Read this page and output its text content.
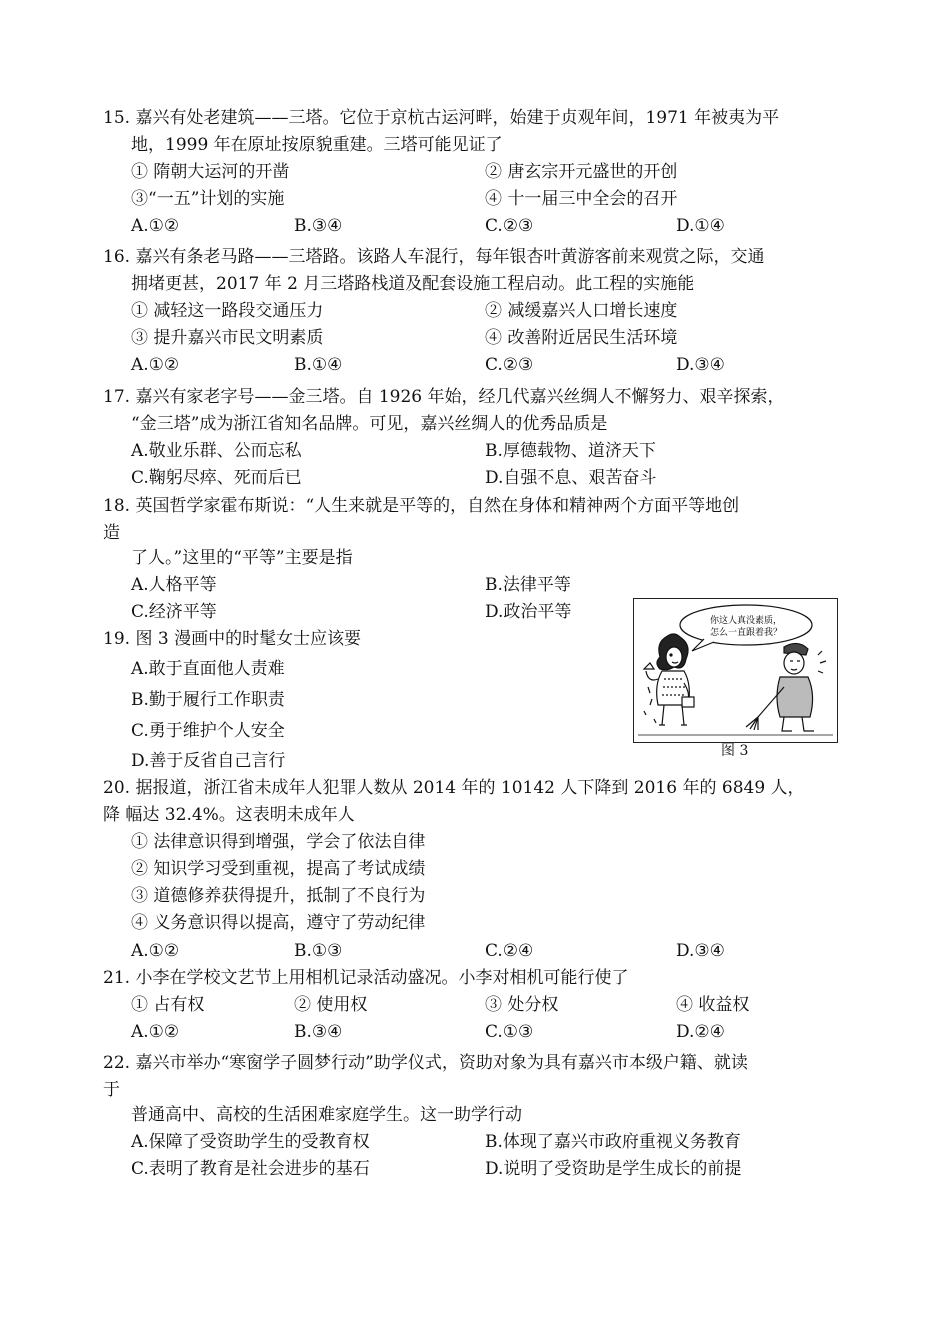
15. 嘉兴有处老建筑——三塔。它位于京杭古运河畔，始建于贞观年间，1971 年被夷为平
地，1999 年在原址按原貌重建。三塔可能见证了
① 隋朝大运河的开凿	② 唐玄宗开元盛世的开创
③“一五”计划的实施	④ 十一届三中全会的召开
A.①②	B.③④	C.②③	D.①④
16. 嘉兴有条老马路——三塔路。该路人车混行，每年银杏叶黄游客前来观赏之际，交通
拥堵更甚，2017 年 2 月三塔路栈道及配套设施工程启动。此工程的实施能
① 减轻这一路段交通压力	② 减缓嘉兴人口增长速度
③ 提升嘉兴市民文明素质	④ 改善附近居民生活环境
A.①②	B.①④	C.②③	D.③④
17. 嘉兴有家老字号——金三塔。自 1926 年始，经几代嘉兴丝绸人不懈努力、艰辛探索，
“金三塔”成为浙江省知名品牌。可见，嘉兴丝绸人的优秀品质是
A.敬业乐群、公而忘私	B.厚德载物、道济天下
C.鞠躬尽瘁、死而后已	D.自强不息、艰苦奋斗
18. 英国哲学家霍布斯说：“人生来就是平等的，自然在身体和精神两个方面平等地创
造
了人。”这里的“平等”主要是指
A.人格平等	B.法律平等
C.经济平等	D.政治平等
19. 图 3 漫画中的时髦女士应该要
A.敢于直面他人责难
B.勤于履行工作职责
C.勇于维护个人安全
D.善于反省自己言行
你这人真没素质，
怎么一直跟着我？
图 3
20. 据报道，浙江省未成年人犯罪人数从 2014 年的 10142 人下降到 2016 年的 6849 人，
降 幅达 32.4%。这表明未成年人
① 法律意识得到增强，学会了依法自律
② 知识学习受到重视，提高了考试成绩
③ 道德修养获得提升，抵制了不良行为
④ 义务意识得以提高，遵守了劳动纪律
A.①②	B.①③	C.②④	D.③④
21. 小李在学校文艺节上用相机记录活动盛况。小李对相机可能行使了
① 占有权	② 使用权	③ 处分权	④ 收益权
A.①②	B.③④	C.①③	D.②④
22. 嘉兴市举办“寒窗学子圆梦行动”助学仪式，资助对象为具有嘉兴市本级户籍、就读
于
普通高中、高校的生活困难家庭学生。这一助学行动
A.保障了受资助学生的受教育权	B.体现了嘉兴市政府重视义务教育
C.表明了教育是社会进步的基石	D.说明了受资助是学生成长的前提
